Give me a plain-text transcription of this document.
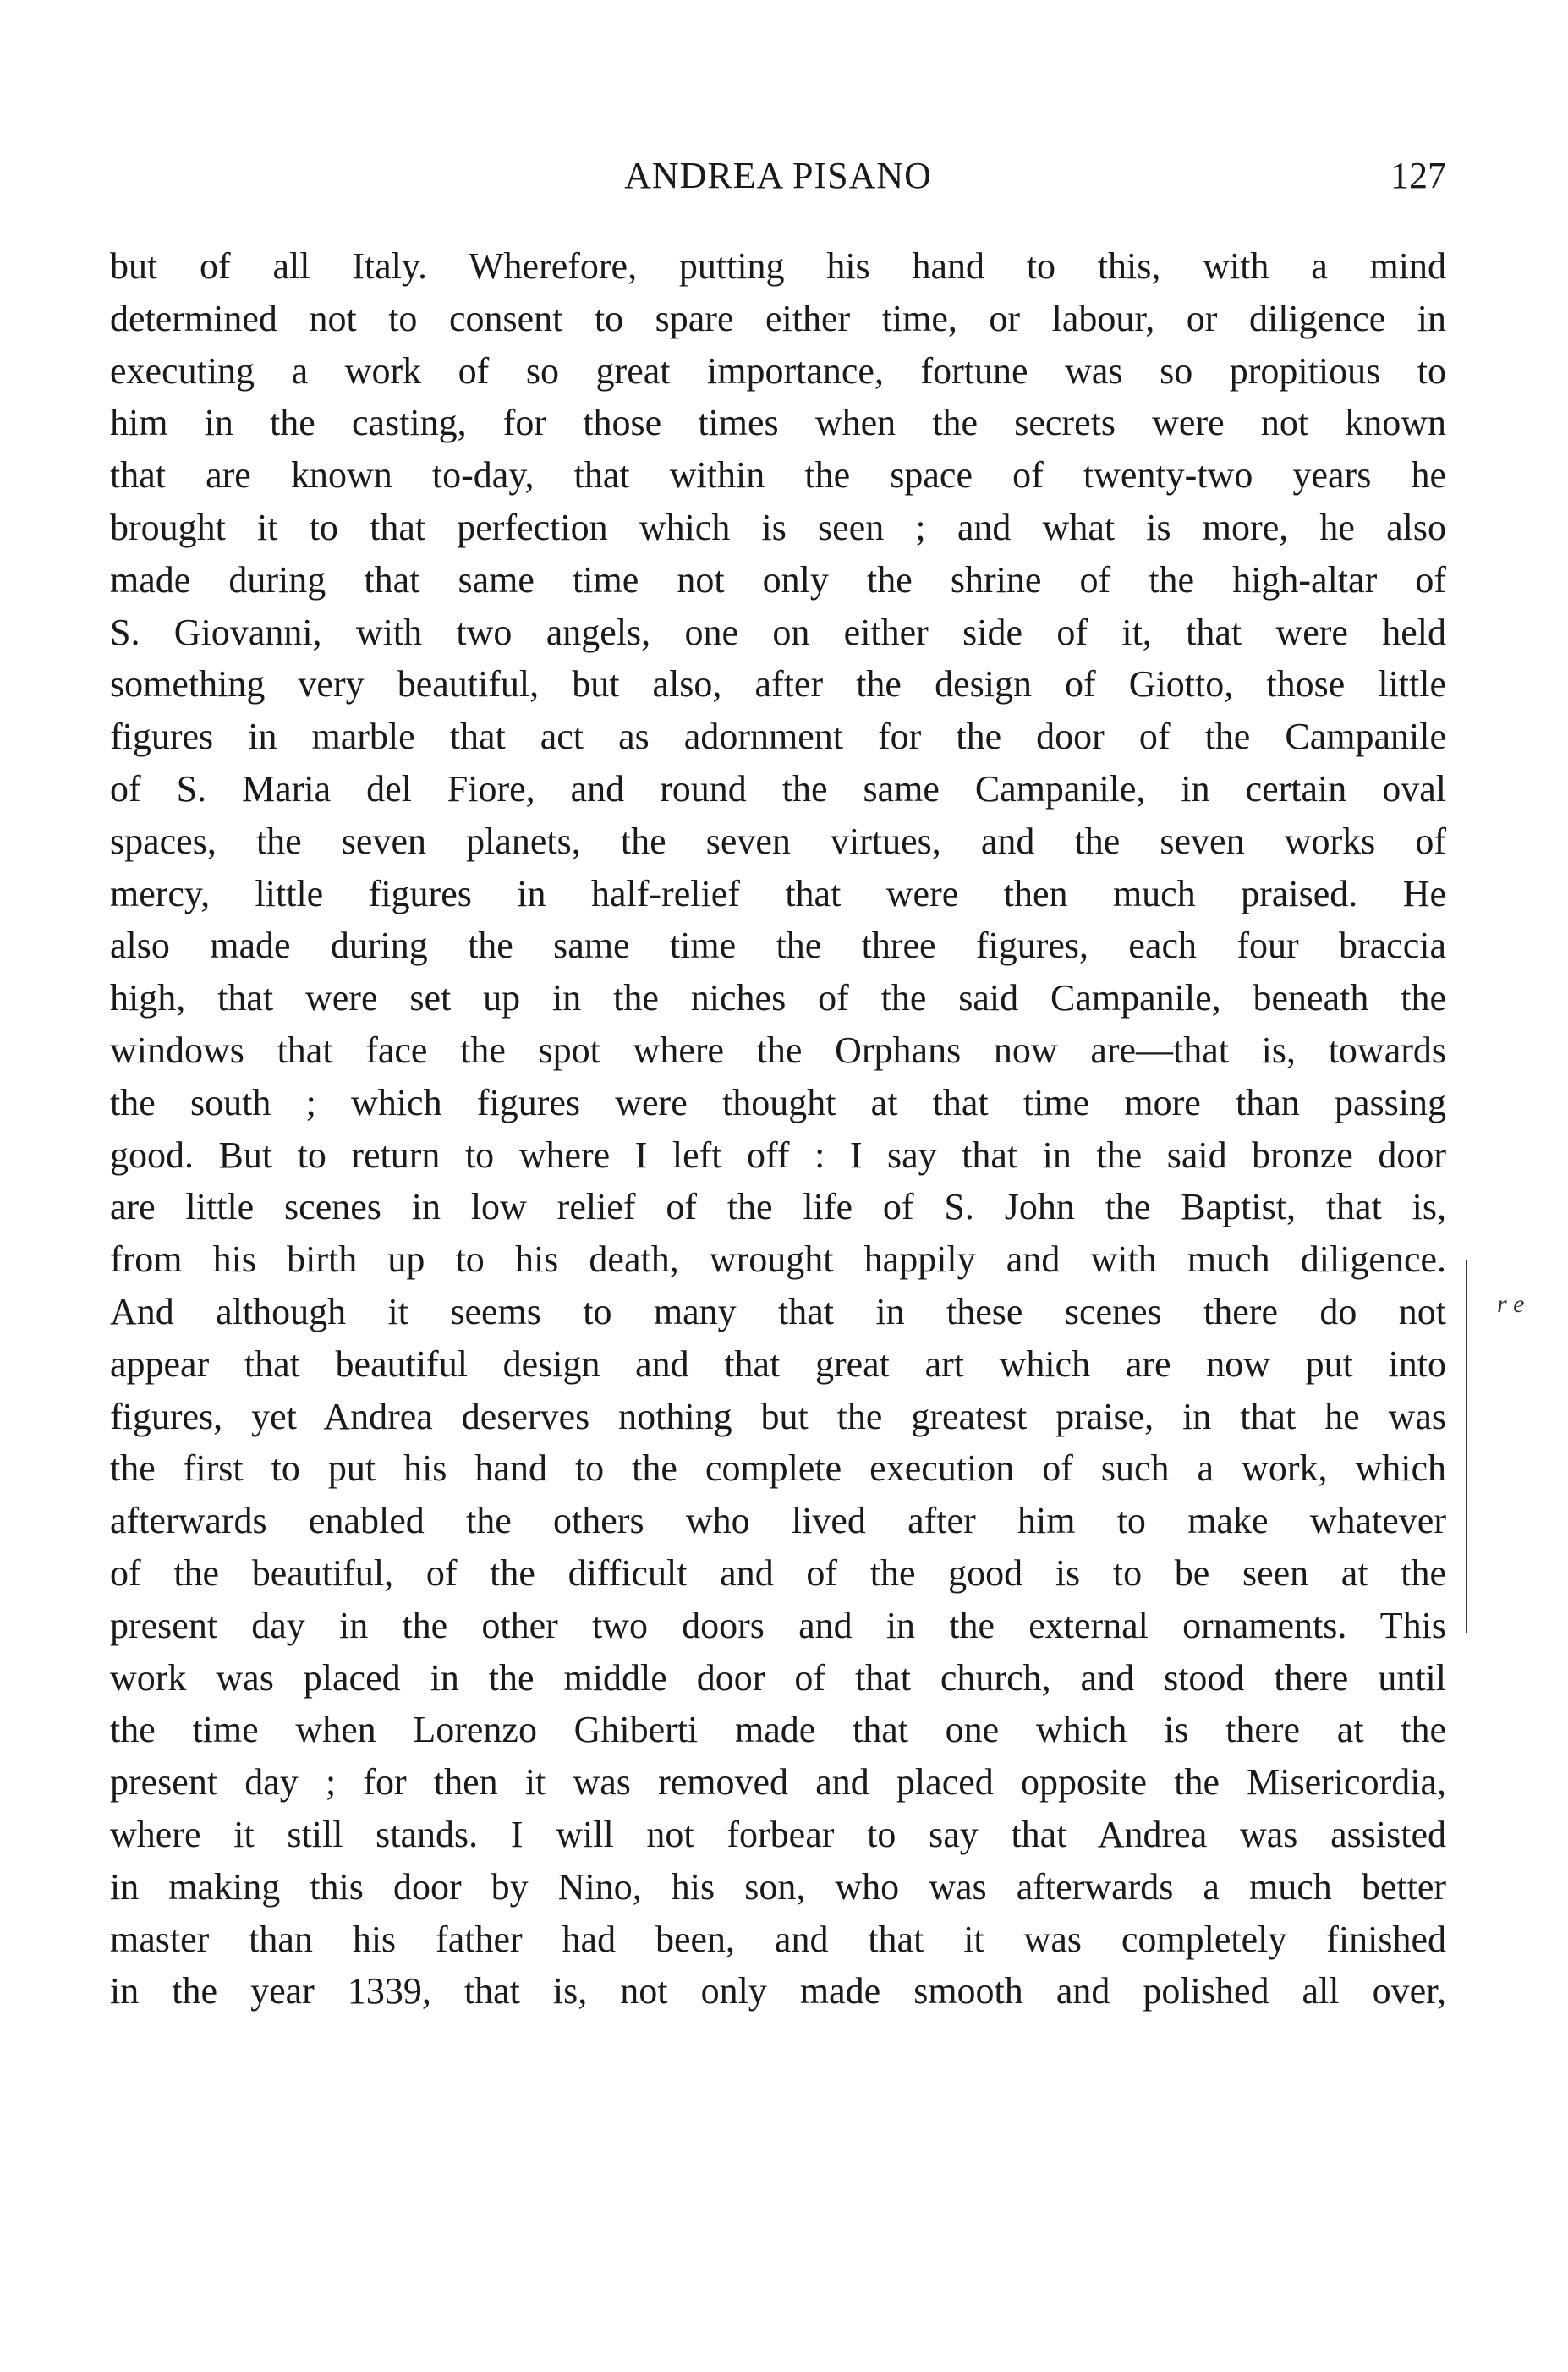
ANDREA PISANO	127
but of all Italy. Wherefore, putting his hand to this, with a mind
determined not to consent to spare either time, or labour, or diligence in
executing a work of so great importance, fortune was so propitious to
him in the casting, for those times when the secrets were not known
that are known to-day, that within the space of twenty-two years he
brought it to that perfection which is seen ; and what is more, he also
made during that same time not only the shrine of the high-altar of
S. Giovanni, with two angels, one on either side of it, that were held
something very beautiful, but also, after the design of Giotto, those little
figures in marble that act as adornment for the door of the Campanile
of S. Maria del Fiore, and round the same Campanile, in certain oval
spaces, the seven planets, the seven virtues, and the seven works of
mercy, little figures in half-relief that were then much praised. He
also made during the same time the three figures, each four braccia
high, that were set up in the niches of the said Campanile, beneath the
windows that face the spot where the Orphans now are—that is, towards
the south ; which figures were thought at that time more than passing
good. But to return to where I left off : I say that in the said bronze door
are little scenes in low relief of the life of S. John the Baptist, that is,
from his birth up to his death, wrought happily and with much diligence.
And although it seems to many that in these scenes there do not
appear that beautiful design and that great art which are now put into
figures, yet Andrea deserves nothing but the greatest praise, in that he was
the first to put his hand to the complete execution of such a work, which
afterwards enabled the others who lived after him to make whatever
of the beautiful, of the difficult and of the good is to be seen at the
present day in the other two doors and in the external ornaments. This
work was placed in the middle door of that church, and stood there until
the time when Lorenzo Ghiberti made that one which is there at the
present day ; for then it was removed and placed opposite the Misericordia,
where it still stands. I will not forbear to say that Andrea was assisted
in making this door by Nino, his son, who was afterwards a much better
master than his father had been, and that it was completely finished
in the year 1339, that is, not only made smooth and polished all over,
r e
